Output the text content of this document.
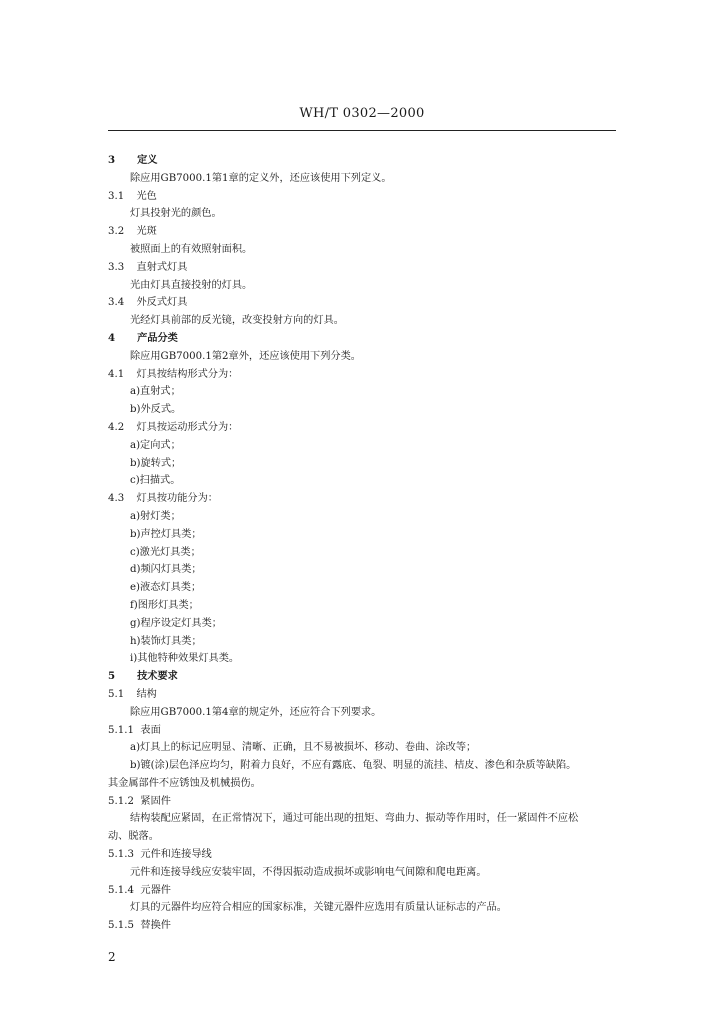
WH/T 0302—2000
3 定义
除应用GB7000.1第1章的定义外，还应该使用下列定义。
3.1 光色
灯具投射光的颜色。
3.2 光斑
被照面上的有效照射面积。
3.3 直射式灯具
光由灯具直接投射的灯具。
3.4 外反式灯具
光经灯具前部的反光镜，改变投射方向的灯具。
4 产品分类
除应用GB7000.1第2章外，还应该使用下列分类。
4.1 灯具按结构形式分为：
a)直射式；
b)外反式。
4.2 灯具按运动形式分为：
a)定向式；
b)旋转式；
c)扫描式。
4.3 灯具按功能分为：
a)射灯类；
b)声控灯具类；
c)激光灯具类；
d)频闪灯具类；
e)液态灯具类；
f)图形灯具类；
g)程序设定灯具类；
h)装饰灯具类；
i)其他特种效果灯具类。
5 技术要求
5.1 结构
除应用GB7000.1第4章的规定外，还应符合下列要求。
5.1.1 表面
a)灯具上的标记应明显、清晰、正确，且不易被损坏、移动、卷曲、涂改等；
b)镀(涂)层色泽应均匀，附着力良好，不应有露底、龟裂、明显的流挂、桔皮、渗色和杂质等缺陷。
其金属部件不应锈蚀及机械损伤。
5.1.2 紧固件
结构装配应紧固，在正常情况下，通过可能出现的扭矩、弯曲力、振动等作用时，任一紧固件不应松
动、脱落。
5.1.3 元件和连接导线
元件和连接导线应安装牢固，不得因振动造成损坏或影响电气间隙和爬电距离。
5.1.4 元器件
灯具的元器件均应符合相应的国家标准，关键元器件应选用有质量认证标志的产品。
5.1.5 替换件
2
